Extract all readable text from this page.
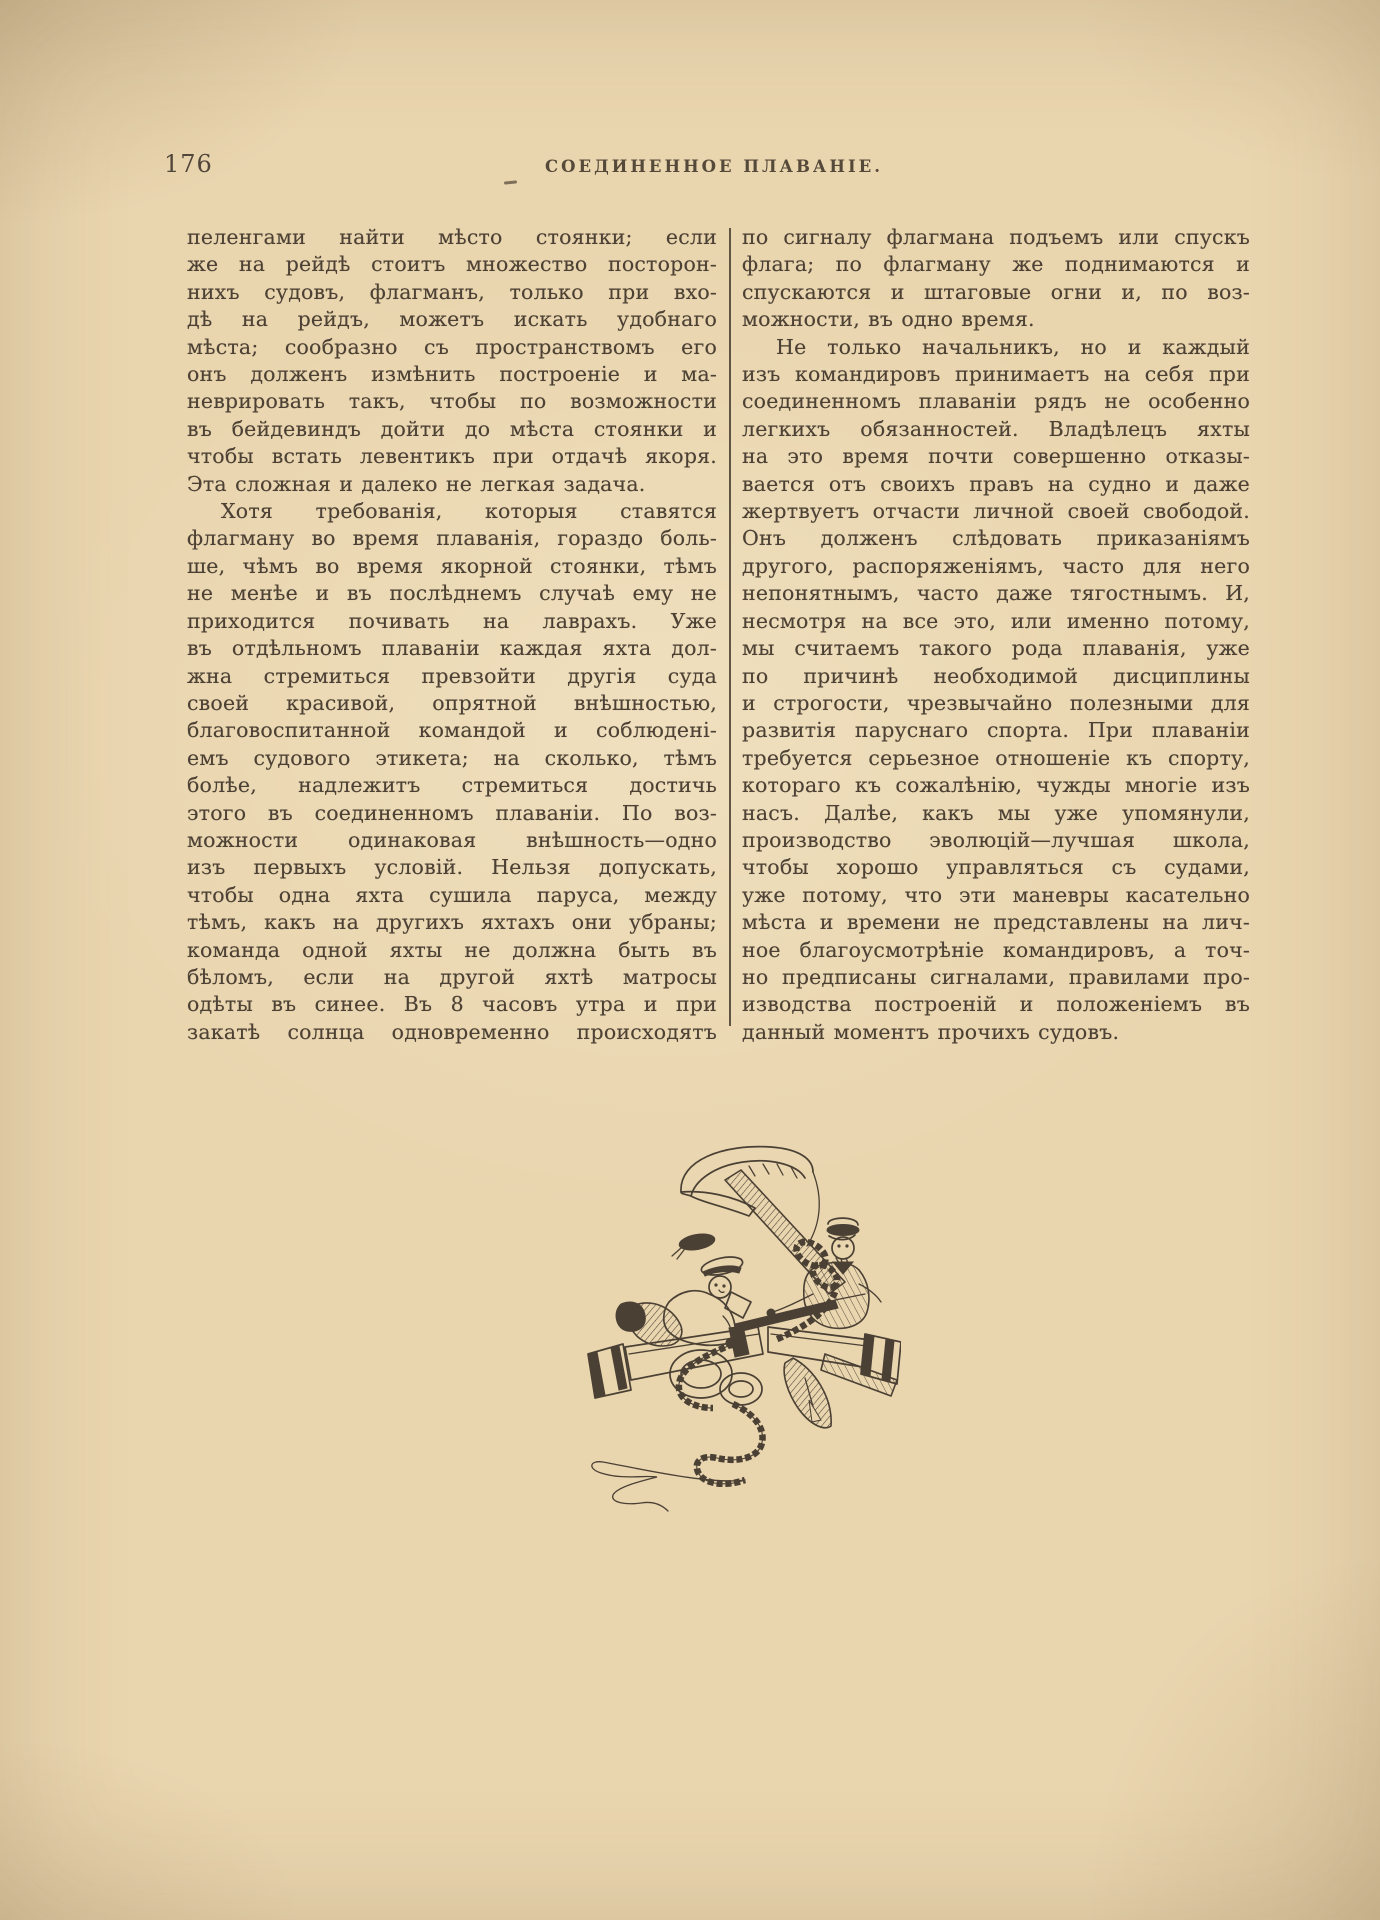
176	СОЕДИНЕННОЕ ПЛАВАНІЕ.
пеленгами найти мѣсто стоянки; если
же на рейдѣ стоитъ множество посторон-
нихъ судовъ, флагманъ, только при вхо-
дѣ на рейдъ, можетъ искать удобнаго
мѣста; сообразно съ пространствомъ его
онъ долженъ измѣнить построеніе и ма-
неврировать такъ, чтобы по возможности
въ бейдевиндъ дойти до мѣста стоянки и
чтобы встать левентикъ при отдачѣ якоря.
Эта сложная и далеко не легкая задача.
Хотя требованія, которыя ставятся
флагману во время плаванія, гораздо боль-
ше, чѣмъ во время якорной стоянки, тѣмъ
не менѣе и въ послѣднемъ случаѣ ему не
приходится почивать на лаврахъ. Уже
въ отдѣльномъ плаваніи каждая яхта дол-
жна стремиться превзойти другія суда
своей красивой, опрятной внѣшностью,
благовоспитанной командой и соблюдені-
емъ судового этикета; на сколько, тѣмъ
болѣе, надлежитъ стремиться достичь
этого въ соединенномъ плаваніи. По воз-
можности одинаковая внѣшность—одно
изъ первыхъ условій. Нельзя допускать,
чтобы одна яхта сушила паруса, между
тѣмъ, какъ на другихъ яхтахъ они убраны;
команда одной яхты не должна быть въ
бѣломъ, если на другой яхтѣ матросы
одѣты въ синее. Въ 8 часовъ утра и при
закатѣ солнца одновременно происходятъ
по сигналу флагмана подъемъ или спускъ
флага; по флагману же поднимаются и
спускаются и штаговые огни и, по воз-
можности, въ одно время.
Не только начальникъ, но и каждый
изъ командировъ принимаетъ на себя при
соединенномъ плаваніи рядъ не особенно
легкихъ обязанностей. Владѣлецъ яхты
на это время почти совершенно отказы-
вается отъ своихъ правъ на судно и даже
жертвуетъ отчасти личной своей свободой.
Онъ долженъ слѣдовать приказаніямъ
другого, распоряженіямъ, часто для него
непонятнымъ, часто даже тягостнымъ. И,
несмотря на все это, или именно потому,
мы считаемъ такого рода плаванія, уже
по причинѣ необходимой дисциплины
и строгости, чрезвычайно полезными для
развитія паруснаго спорта. При плаваніи
требуется серьезное отношеніе къ спорту,
котораго къ сожалѣнію, чужды многіе изъ
насъ. Далѣе, какъ мы уже упомянули,
производство эволюцій—лучшая школа,
чтобы хорошо управляться съ судами,
уже потому, что эти маневры касательно
мѣста и времени не представлены на лич-
ное благоусмотрѣніе командировъ, а точ-
но предписаны сигналами, правилами про-
изводства построеній и положеніемъ въ
данный моментъ прочихъ судовъ.
